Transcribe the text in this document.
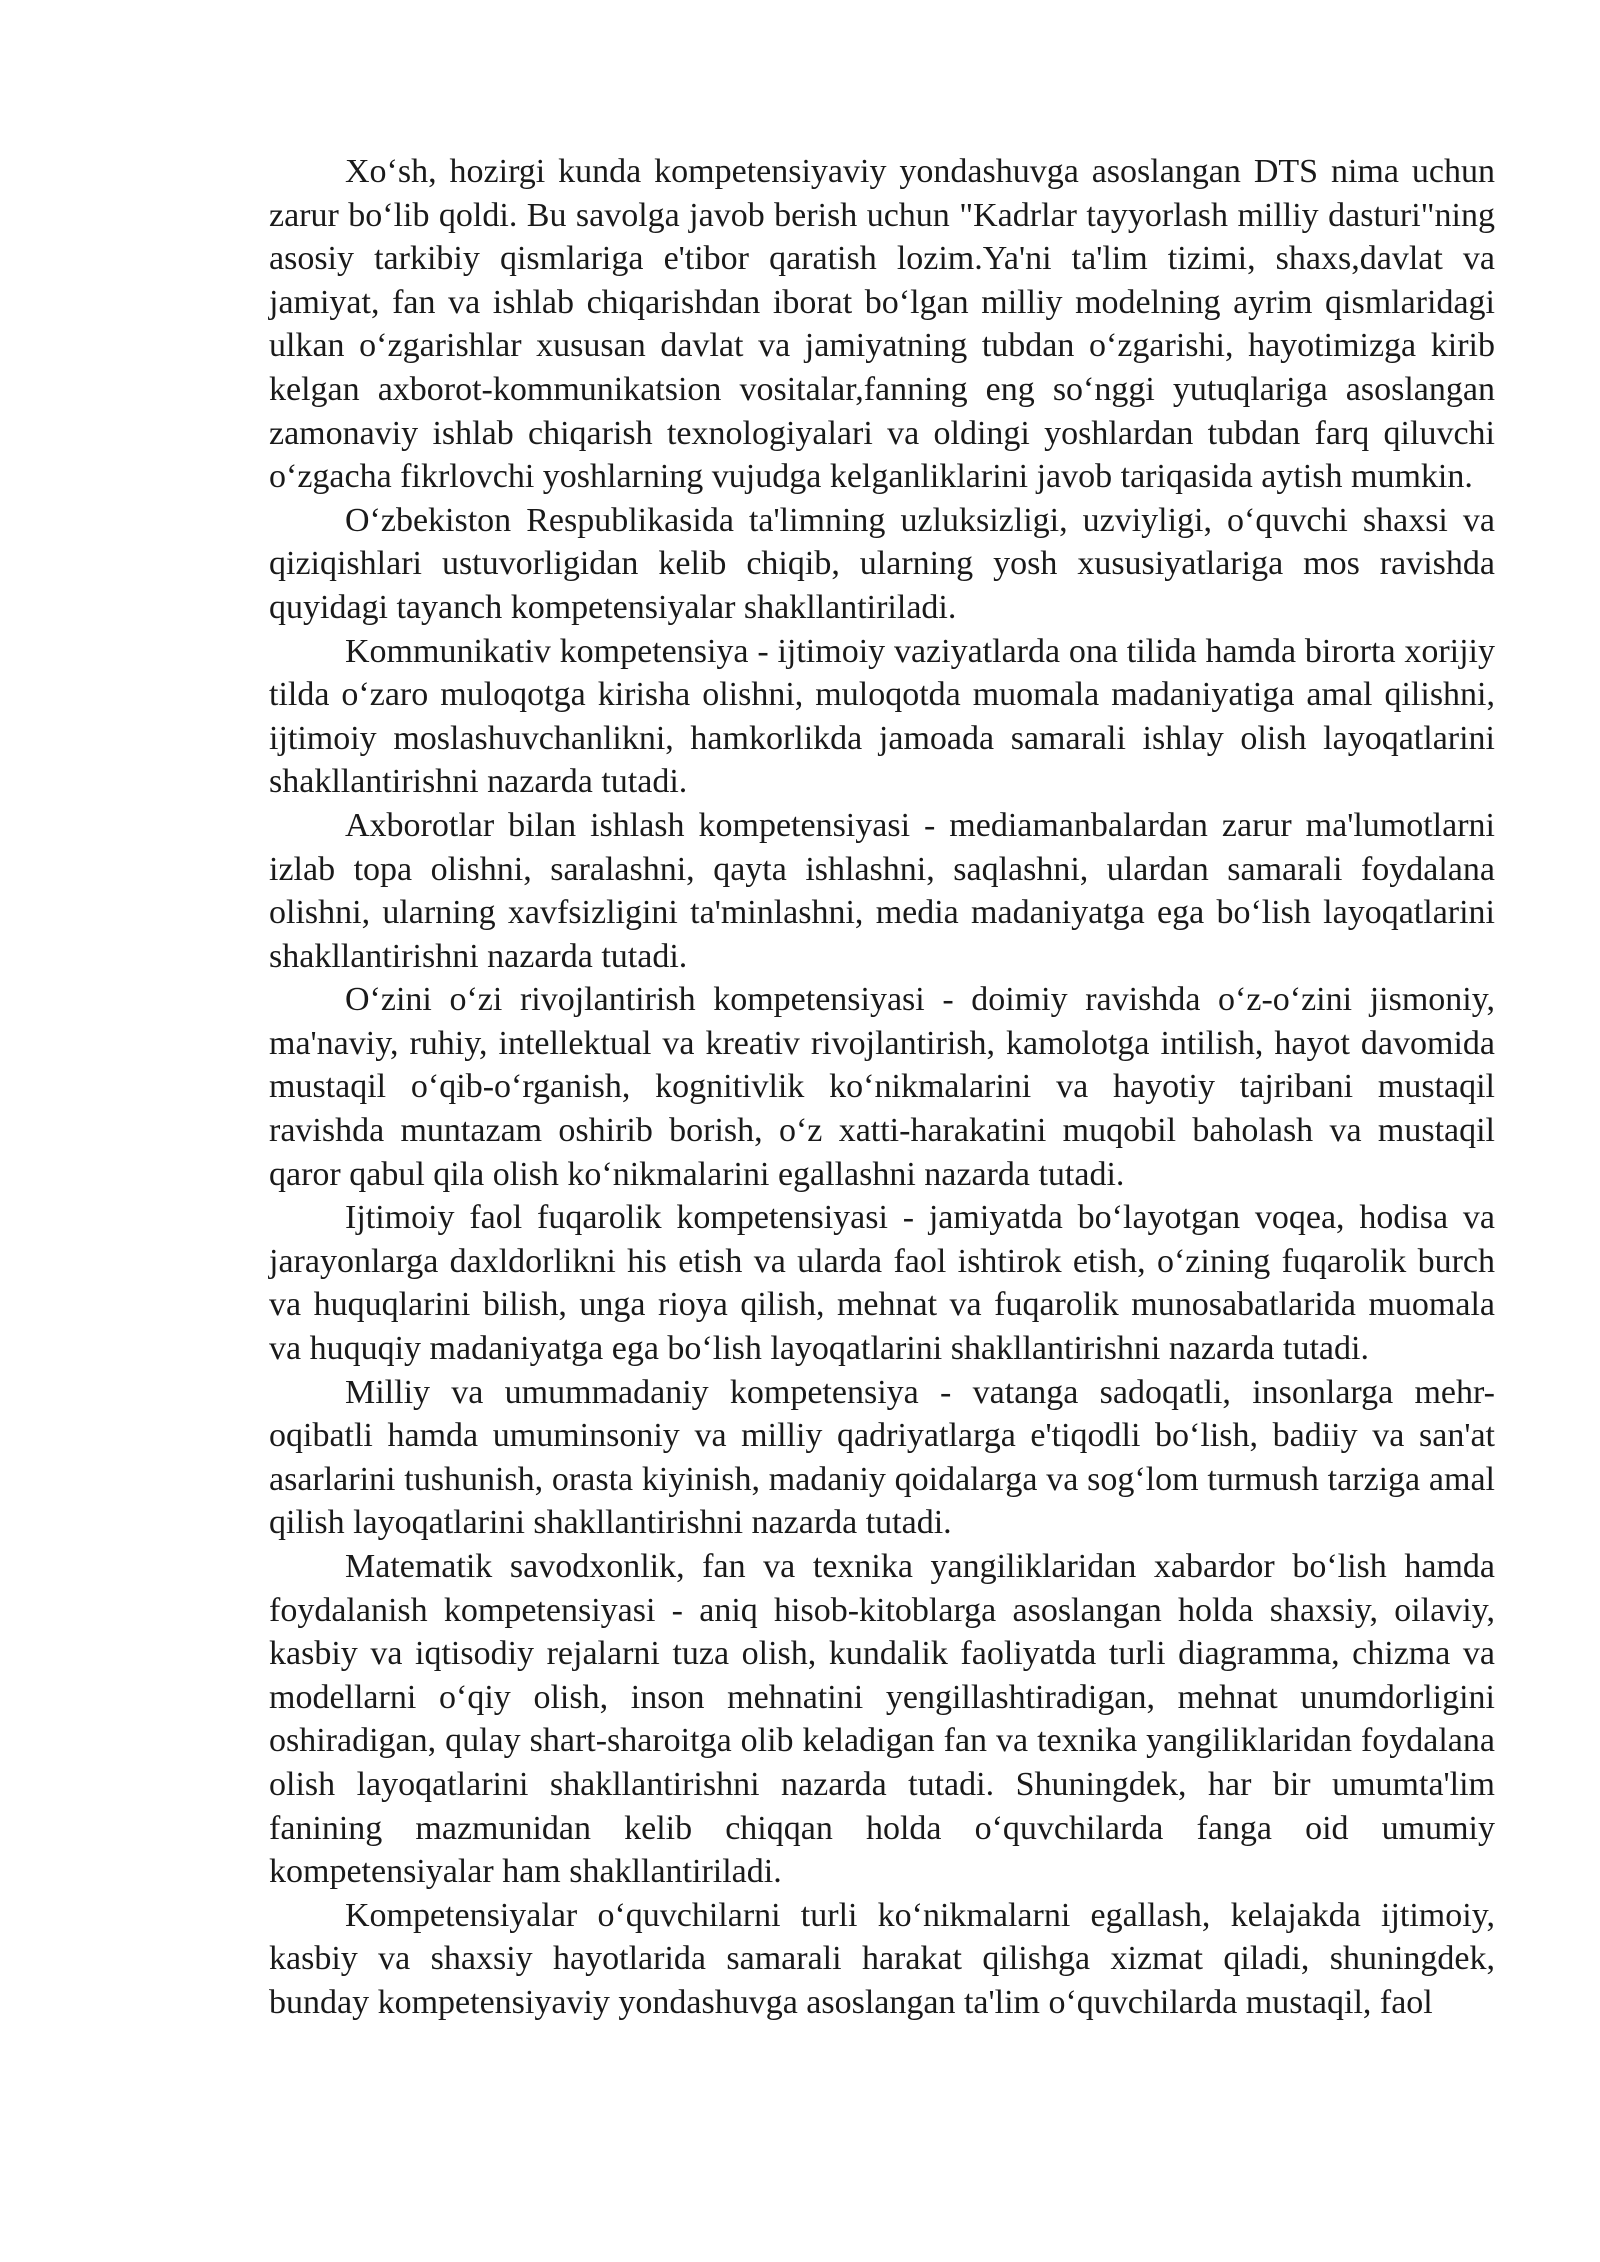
Xo‘sh, hozirgi kunda kompetensiyaviy yondashuvga asoslangan DTS nima uchun zarur bo‘lib qoldi. Bu savolga javob berish uchun "Kadrlar tayyorlash milliy dasturi"ning asosiy tarkibiy qismlariga e'tibor qaratish lozim.Ya'ni ta'lim tizimi, shaxs,davlat va jamiyat, fan va ishlab chiqarishdan iborat bo‘lgan milliy modelning ayrim qismlaridagi ulkan o‘zgarishlar xususan davlat va jamiyatning tubdan o‘zgarishi, hayotimizga kirib kelgan axborot-kommunikatsion vositalar,fanning eng so‘nggi yutuqlariga asoslangan zamonaviy ishlab chiqarish texnologiyalari va oldingi yoshlardan tubdan farq qiluvchi o‘zgacha fikrlovchi yoshlarning vujudga kelganliklarini javob tariqasida aytish mumkin.

O‘zbekiston Respublikasida ta'limning uzluksizligi, uzviyligi, o‘quvchi shaxsi va qiziqishlari ustuvorligidan kelib chiqib, ularning yosh xususiyatlariga mos ravishda quyidagi tayanch kompetensiyalar shakllantiriladi.

Kommunikativ kompetensiya - ijtimoiy vaziyatlarda ona tilida hamda birorta xorijiy tilda o‘zaro muloqotga kirisha olishni, muloqotda muomala madaniyatiga amal qilishni, ijtimoiy moslashuvchanlikni, hamkorlikda jamoada samarali ishlay olish layoqatlarini shakllantirishni nazarda tutadi.

Axborotlar bilan ishlash kompetensiyasi - mediamanbalardan zarur ma'lumotlarni izlab topa olishni, saralashni, qayta ishlashni, saqlashni, ulardan samarali foydalana olishni, ularning xavfsizligini ta'minlashni, media madaniyatga ega bo‘lish layoqatlarini shakllantirishni nazarda tutadi.

O‘zini o‘zi rivojlantirish kompetensiyasi - doimiy ravishda o‘z-o‘zini jismoniy, ma'naviy, ruhiy, intellektual va kreativ rivojlantirish, kamolotga intilish, hayot davomida mustaqil o‘qib-o‘rganish, kognitivlik ko‘nikmalarini va hayotiy tajribani mustaqil ravishda muntazam oshirib borish, o‘z xatti-harakatini muqobil baholash va mustaqil qaror qabul qila olish ko‘nikmalarini egallashni nazarda tutadi.

Ijtimoiy faol fuqarolik kompetensiyasi - jamiyatda bo‘layotgan voqea, hodisa va jarayonlarga daxldorlikni his etish va ularda faol ishtirok etish, o‘zining fuqarolik burch va huquqlarini bilish, unga rioya qilish, mehnat va fuqarolik munosabatlarida muomala va huquqiy madaniyatga ega bo‘lish layoqatlarini shakllantirishni nazarda tutadi.

Milliy va umummadaniy kompetensiya - vatanga sadoqatli, insonlarga mehr-oqibatli hamda umuminsoniy va milliy qadriyatlarga e'tiqodli bo‘lish, badiiy va san'at asarlarini tushunish, orasta kiyinish, madaniy qoidalarga va sog‘lom turmush tarziga amal qilish layoqatlarini shakllantirishni nazarda tutadi.

Matematik savodxonlik, fan va texnika yangiliklaridan xabardor bo‘lish hamda foydalanish kompetensiyasi - aniq hisob-kitoblarga asoslangan holda shaxsiy, oilaviy, kasbiy va iqtisodiy rejalarni tuza olish, kundalik faoliyatda turli diagramma, chizma va modellarni o‘qiy olish, inson mehnatini yengillashtiradigan, mehnat unumdorligini oshiradigan, qulay shart-sharoitga olib keladigan fan va texnika yangiliklaridan foydalana olish layoqatlarini shakllantirishni nazarda tutadi. Shuningdek, har bir umumta'lim fanining mazmunidan kelib chiqqan holda o‘quvchilarda fanga oid umumiy kompetensiyalar ham shakllantiriladi.

Kompetensiyalar o‘quvchilarni turli ko‘nikmalarni egallash, kelajakda ijtimoiy, kasbiy va shaxsiy hayotlarida samarali harakat qilishga xizmat qiladi, shuningdek, bunday kompetensiyaviy yondashuvga asoslangan ta'lim o‘quvchilarda mustaqil, faol
